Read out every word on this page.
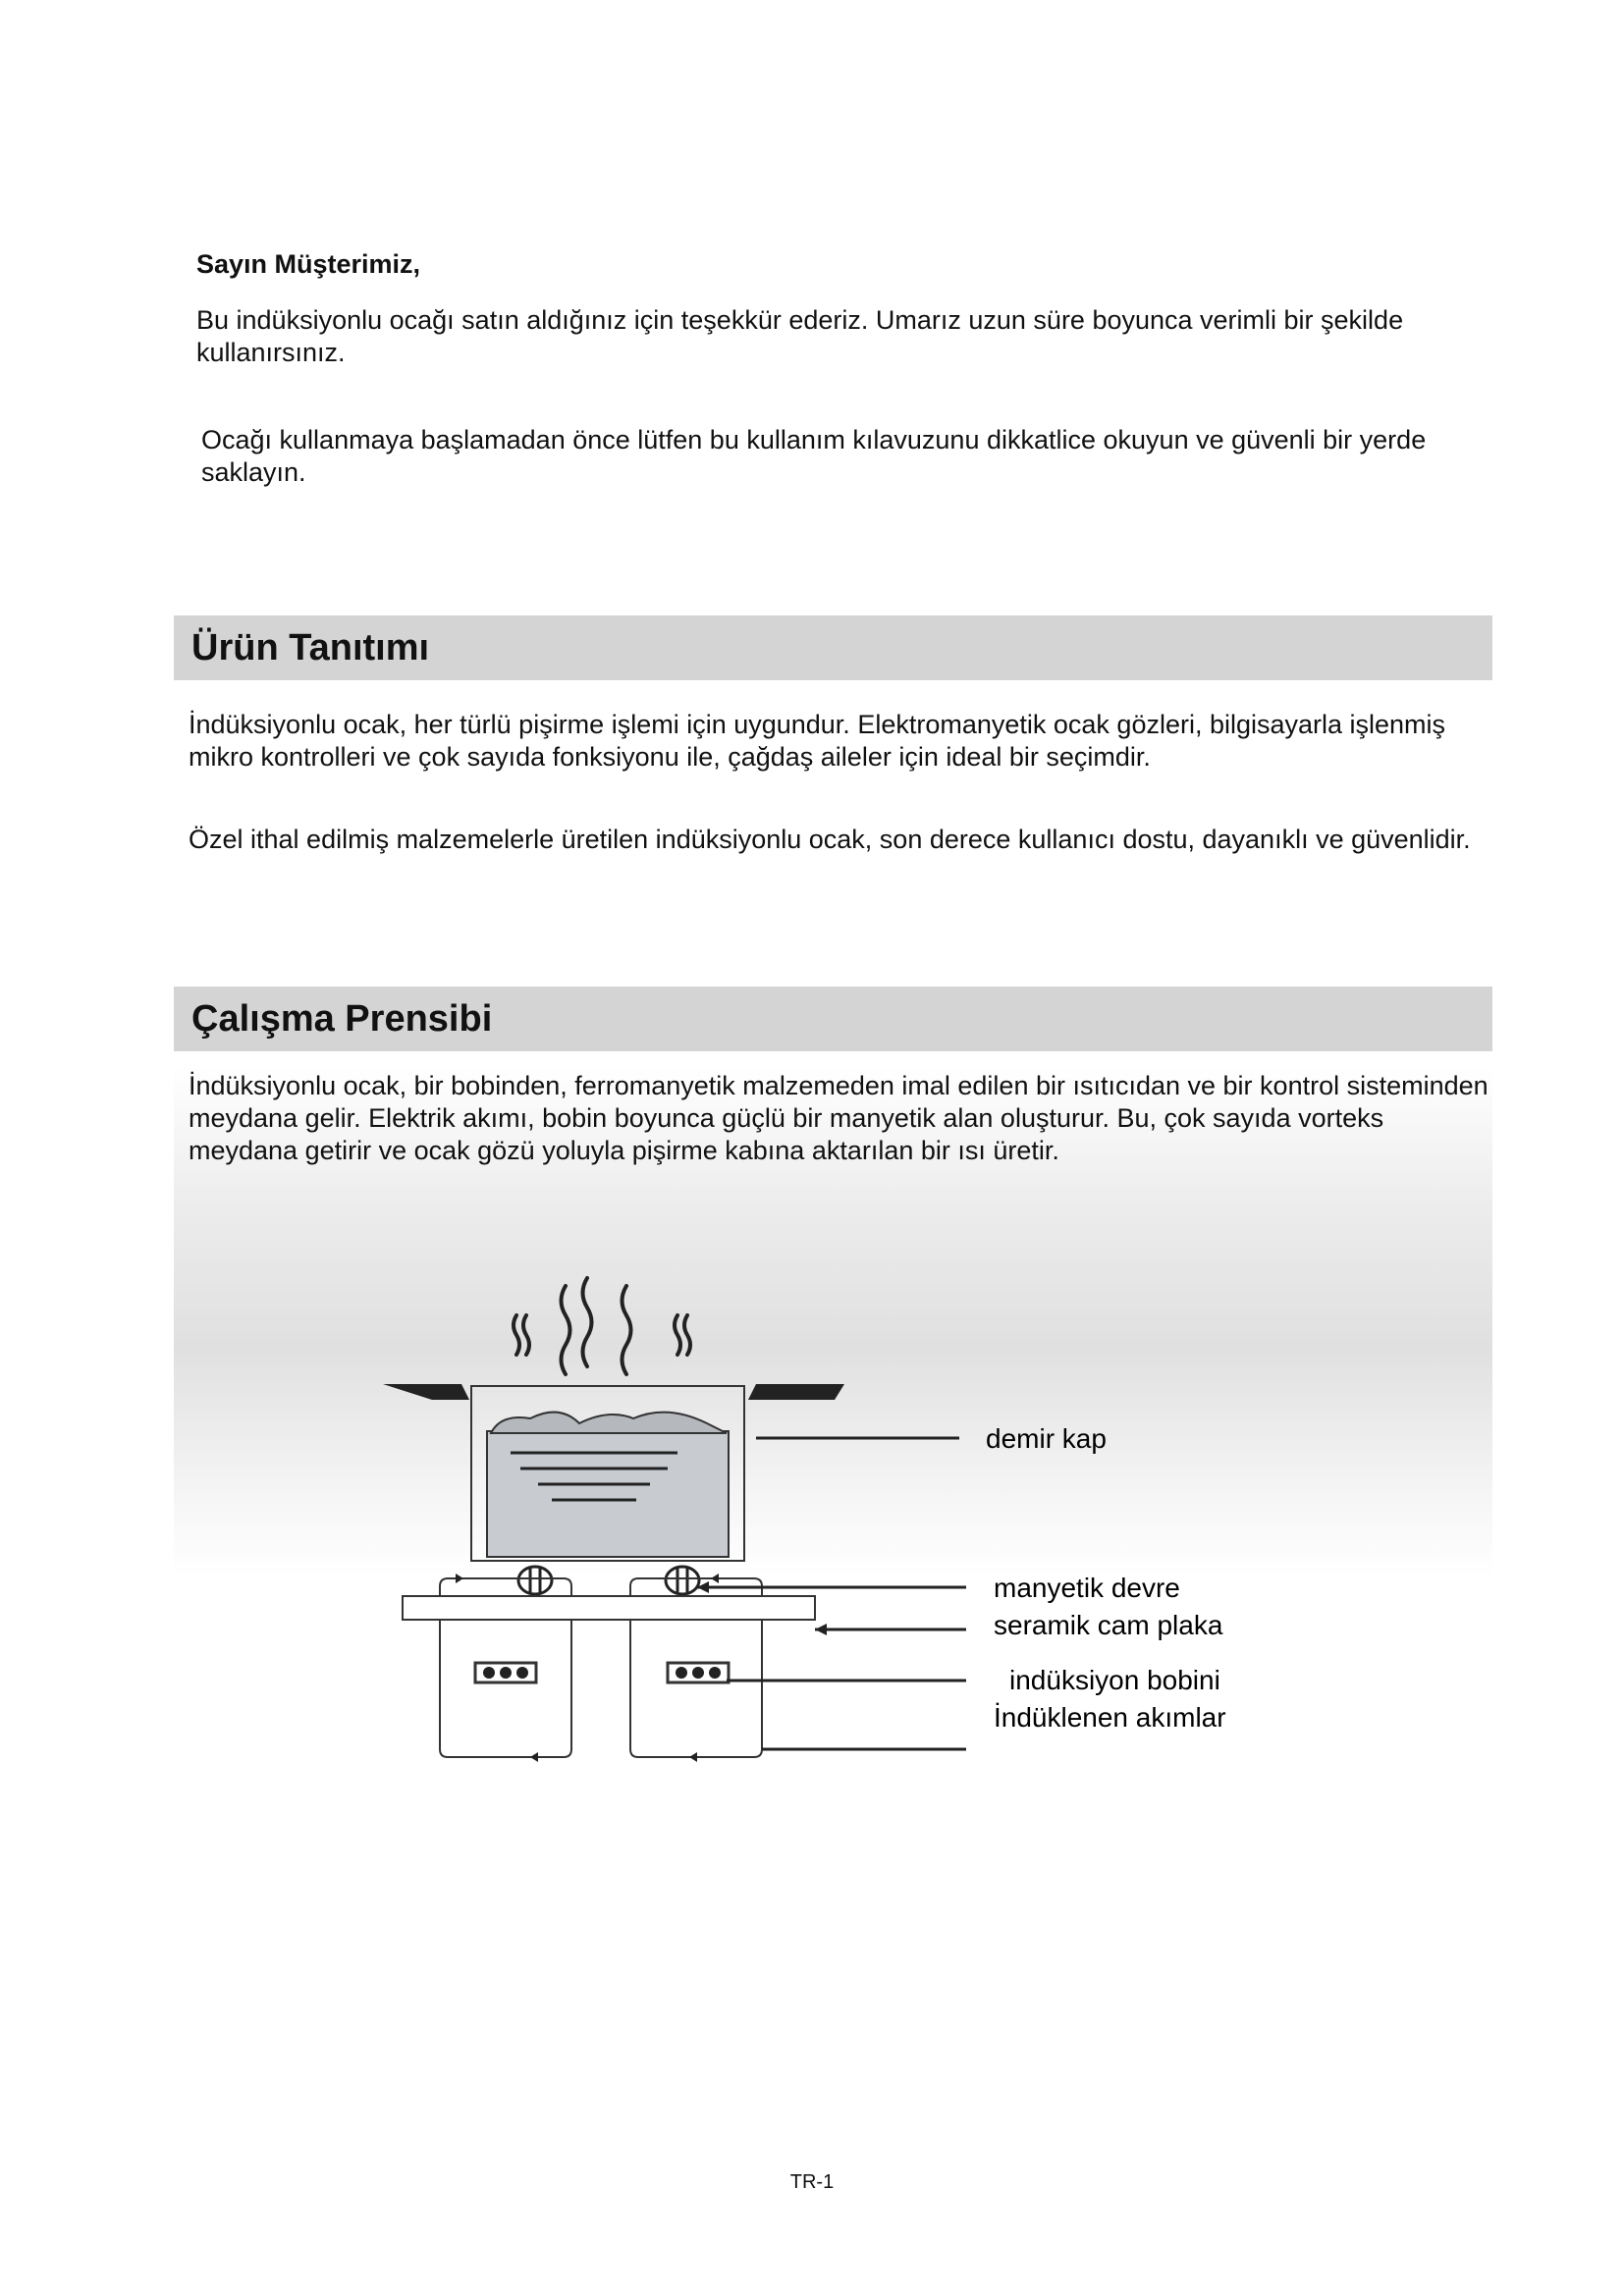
Sayın Müşterimiz,

Bu indüksiyonlu ocağı satın aldığınız için teşekkür ederiz. Umarız uzun süre boyunca verimli bir şekilde kullanırsınız.

Ocağı kullanmaya başlamadan önce lütfen bu kullanım kılavuzunu dikkatlice okuyun ve güvenli bir yerde saklayın.

Ürün Tanıtımı

İndüksiyonlu ocak, her türlü pişirme işlemi için uygundur. Elektromanyetik ocak gözleri, bilgisayarla işlenmiş mikro kontrolleri ve çok sayıda fonksiyonu ile, çağdaş aileler için ideal bir seçimdir.

Özel ithal edilmiş malzemelerle üretilen indüksiyonlu ocak, son derece kullanıcı dostu, dayanıklı ve güvenlidir.

Çalışma Prensibi

İndüksiyonlu ocak, bir bobinden, ferromanyetik malzemeden imal edilen bir ısıtıcıdan ve bir kontrol sisteminden meydana gelir. Elektrik akımı, bobin boyunca güçlü bir manyetik alan oluşturur. Bu, çok sayıda vorteks meydana getirir ve ocak gözü yoluyla pişirme kabına aktarılan bir ısı üretir.

demir kap
manyetik devre
seramik cam plaka
indüksiyon bobini
İndüklenen akımlar
TR-1
